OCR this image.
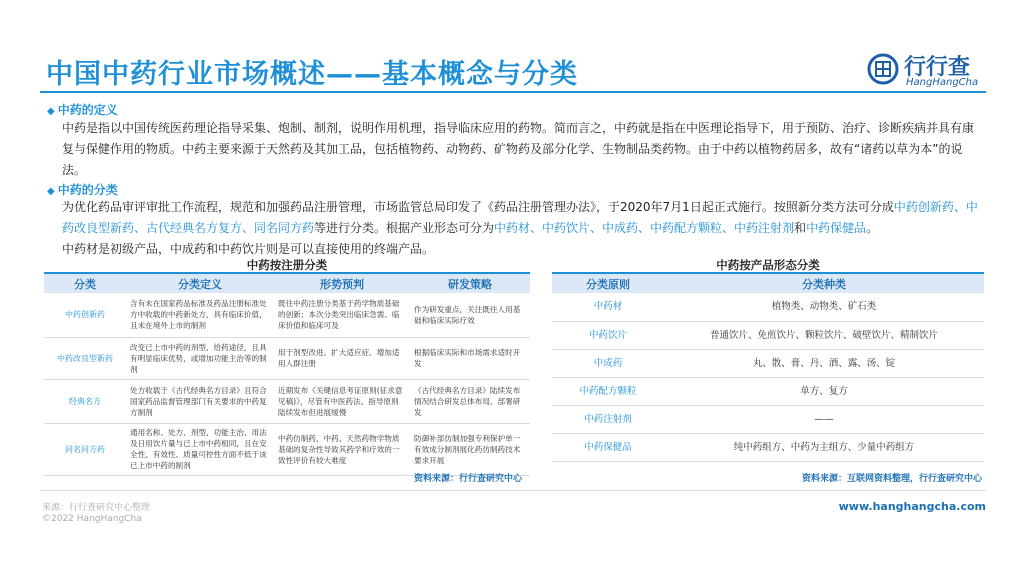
中国中药行业市场概述——基本概念与分类	行行查
HangHangCha
◆ 中药的定义
中药是指以中国传统医药理论指导采集、炮制、制剂，说明作用机理，指导临床应用的药物。简而言之，中药就是指在中医理论指导下，用于预防、治疗、诊断疾病并具有康复与保健作用的物质。中药主要来源于天然药及其加工品，包括植物药、动物药、矿物药及部分化学、生物制品类药物。由于中药以植物药居多，故有“诸药以草为本”的说法。
◆ 中药的分类
为优化药品审评审批工作流程，规范和加强药品注册管理，市场监管总局印发了《药品注册管理办法》，于2020年7月1日起正式施行。按照新分类方法可分成中药创新药、中药改良型新药、古代经典名方复方、同名同方药等进行分类。根据产业形态可分为中药材、中药饮片、中成药、中药配方颗粒、中药注射剂和中药保健品。
中药材是初级产品，中成药和中药饮片则是可以直接使用的终端产品。
中药按注册分类
分类	分类定义	形势预判	研发策略
中药创新药	含有未在国家药品标准及药品注册标准处方中收载的中药新处方，具有临床价值，且未在境外上市的制剂	既往中药注册分类基于药学物质基础的创新；本次分类突出临床急需、临床价值和临床可及	作为研发重点，关注既往人用基础和临床实际疗效
中药改良型新药	改变已上市中药的剂型、给药途径，且具有明显临床优势，或增加功能主治等的制剂	用于剂型改进、扩大适应症、增加适用人群注册	根据临床实际和市场需求适时开发
经典名方	处方收载于《古代经典名方目录》且符合国家药品监督管理部门有关要求的中药复方制剂	近期发布《关键信息考证原则(征求意见稿)》，尽管有中医药法、指导原则陆续发布但进展缓慢	《古代经典名方目录》陆续发布情况结合研发总体布局，部署研发
同名同方药	通用名称、处方、剂型、功能主治、用法及日用饮片量与已上市中药相同，且在安全性、有效性、质量可控性方面不低于该已上市中药的制剂	中药仿制药，中药、天然药物学物质基础的复杂性导致其药学和疗效的一致性评价有较大难度	防御补部仿制加强专利保护单一有效成分制剂展化药仿制药技术要求开展
资料来源：行行查研究中心
中药按产品形态分类
分类原则	分类种类
中药材	植物类、动物类、矿石类
中药饮片	普通饮片、免煎饮片、颗粒饮片、破壁饮片、精制饮片
中成药	丸、散、膏、丹、酒、露、汤、锭
中药配方颗粒	单方、复方
中药注射剂	——
中药保健品	纯中药组方、中药为主组方、少量中药组方
资料来源：互联网资料整理，行行查研究中心
来源：行行查研究中心整理
©2022 HangHangCha
www.hanghangcha.com
